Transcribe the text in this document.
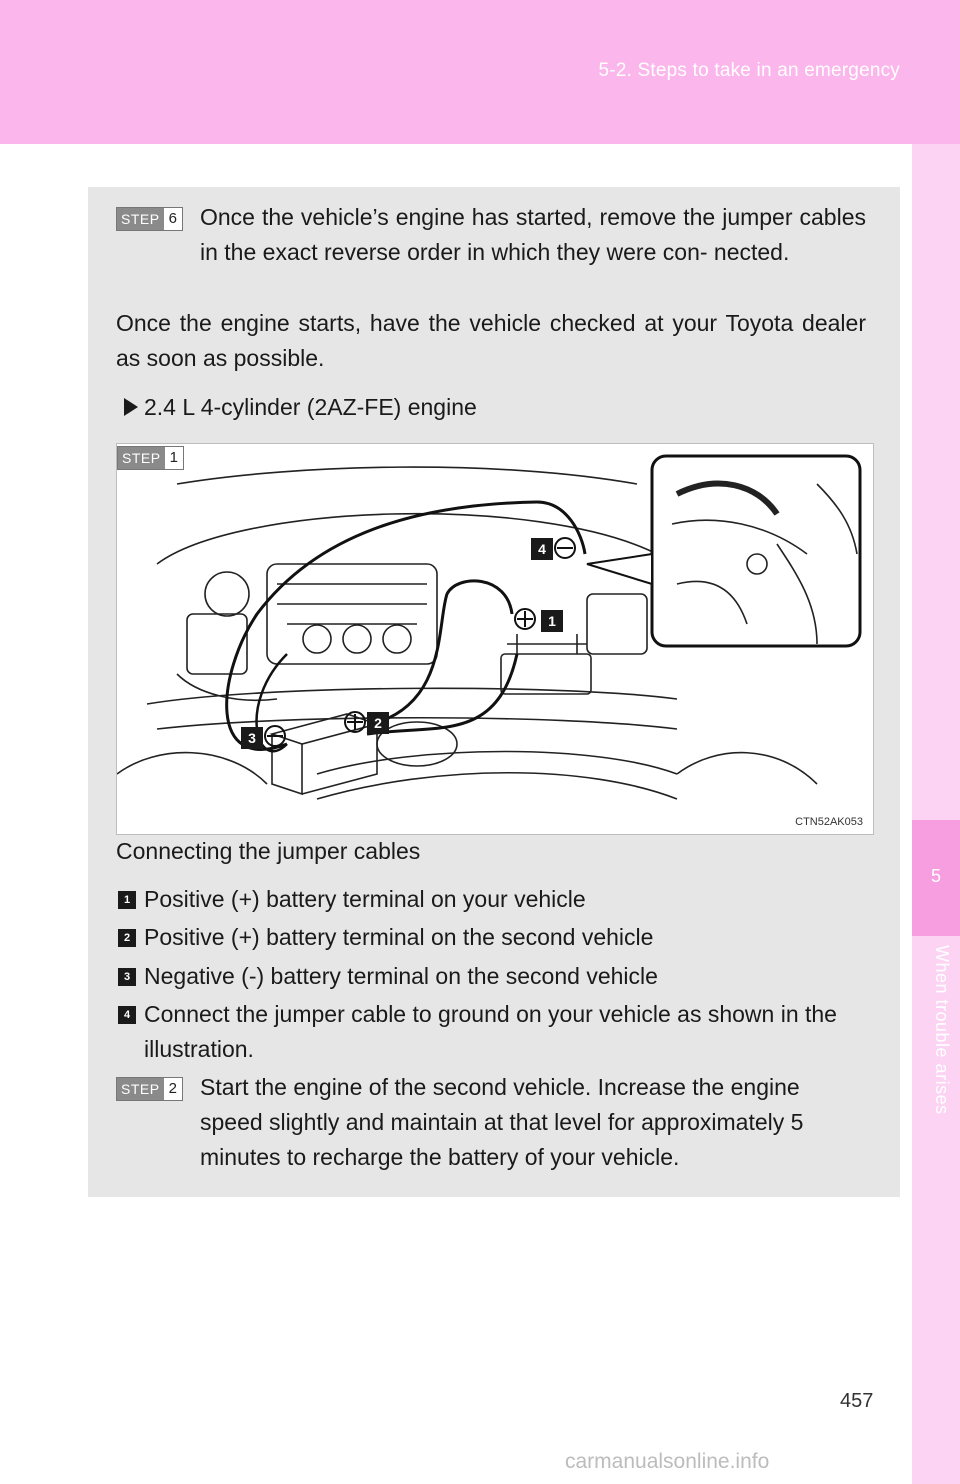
5-2. Steps to take in an emergency
5
When trouble arises
STEP 6 Once the vehicle’s engine has started, remove the jumper cables in the exact reverse order in which they were con- nected.
Once the engine starts, have the vehicle checked at your Toyota dealer as soon as possible.
2.4 L 4-cylinder (2AZ-FE) engine
STEP 1
1
2
3
4
CTN52AK053
Connecting the jumper cables
1 Positive (+) battery terminal on your vehicle
2 Positive (+) battery terminal on the second vehicle
3 Negative (-) battery terminal on the second vehicle
4 Connect the jumper cable to ground on your vehicle as shown in the illustration.
STEP 2 Start the engine of the second vehicle. Increase the engine speed slightly and maintain at that level for approximately 5 minutes to recharge the battery of your vehicle.
457
carmanualsonline.info
